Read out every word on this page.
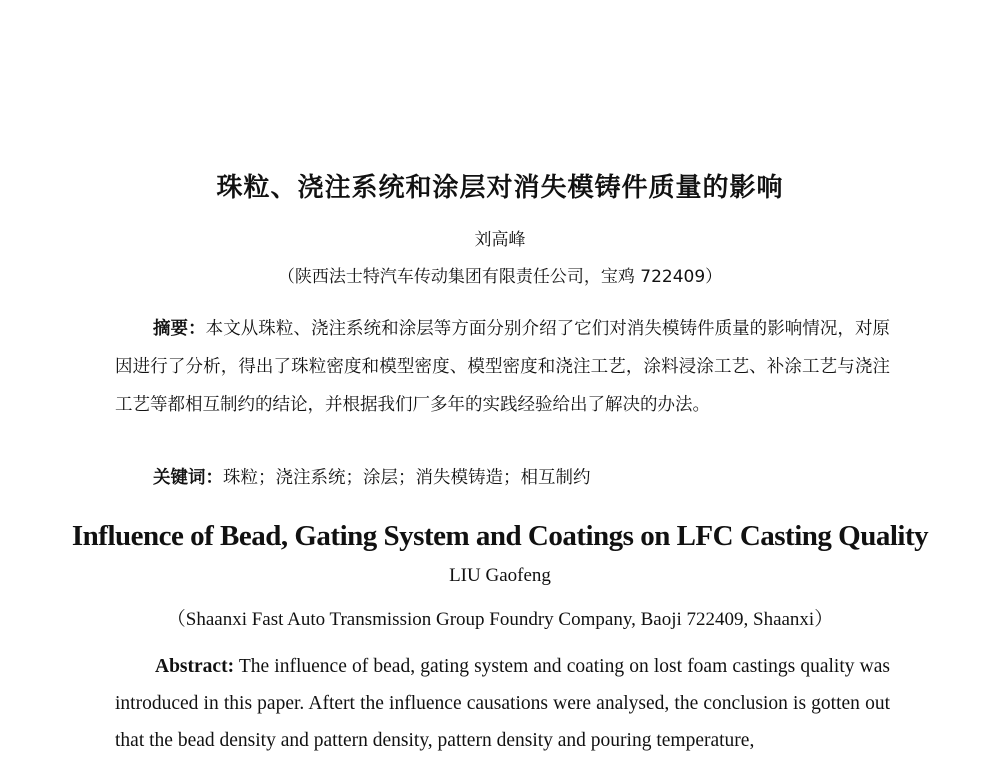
珠粒、浇注系统和涂层对消失模铸件质量的影响
刘高峰
（陕西法士特汽车传动集团有限责任公司，宝鸡 722409）

摘要：本文从珠粒、浇注系统和涂层等方面分别介绍了它们对消失模铸件质量的影响情况，对原因进行了分析，得出了珠粒密度和模型密度、模型密度和浇注工艺，涂料浸涂工艺、补涂工艺与浇注工艺等都相互制约的结论，并根据我们厂多年的实践经验给出了解决的办法。

关键词：珠粒；浇注系统；涂层；消失模铸造；相互制约

Influence of Bead, Gating System and Coatings on LFC Casting Quality
LIU Gaofeng
（Shaanxi Fast Auto Transmission Group Foundry Company, Baoji 722409, Shaanxi）

Abstract: The influence of bead, gating system and coating on lost foam castings quality was introduced in this paper. Aftert the influence causations were analysed, the conclusion is gotten out that the bead density and pattern density, pattern density and pouring temperature,
